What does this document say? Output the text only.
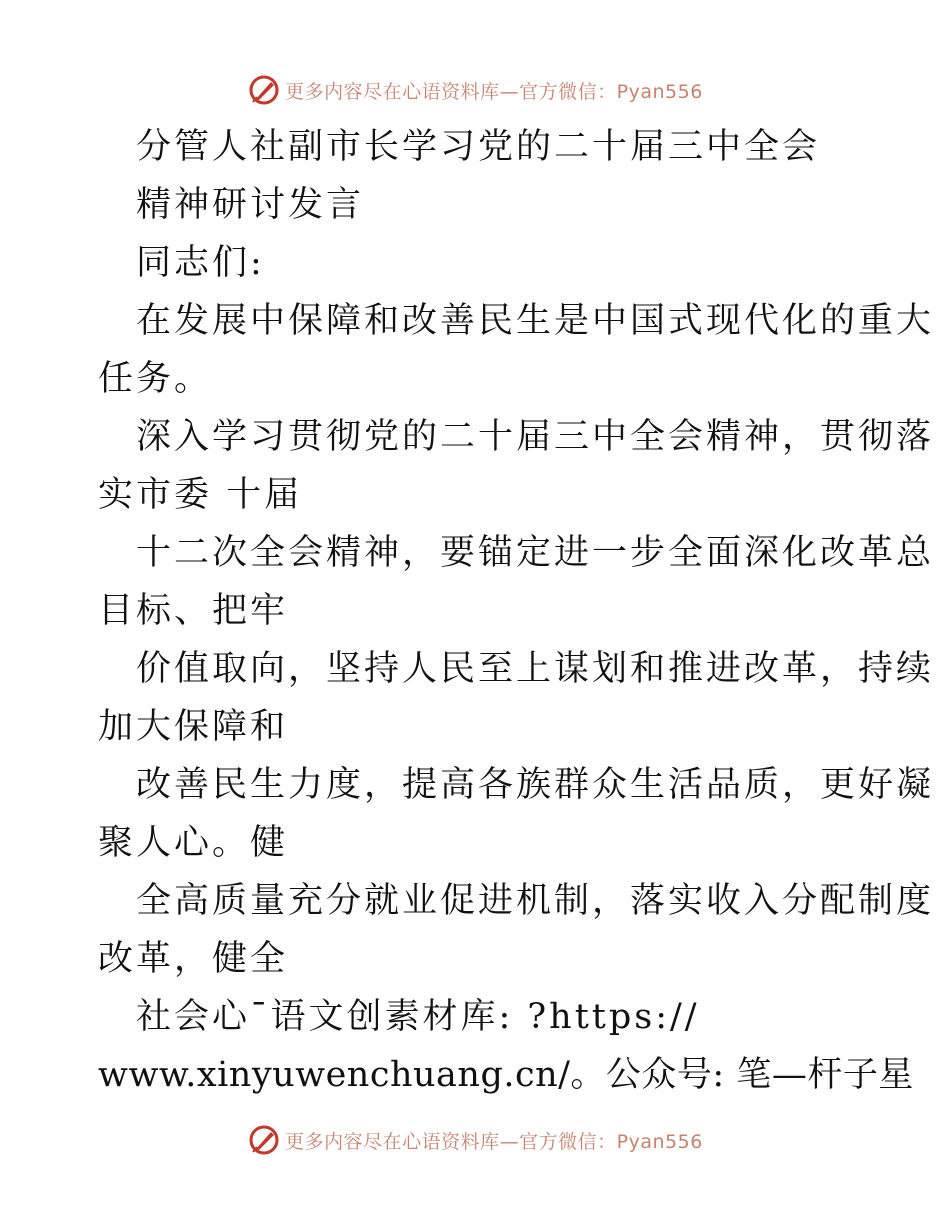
更多内容尽在心语资料库—官方微信：Pyan556
分管人社副市长学习党的二十届三中全会
精神研讨发言
同志们:
在发展中保障和改善民生是中国式现代化的重大
任务。
深入学习贯彻党的二十届三中全会精神，贯彻落
实市委 十届
十二次全会精神，要锚定进一步全面深化改革总
目标、把牢
价值取向，坚持人民至上谋划和推进改革，持续
加大保障和
改善民生力度，提高各族群众生活品质，更好凝
聚人心。健
全高质量充分就业促进机制，落实收入分配制度
改革，健全
社会心¯语文创素材库: ?https://
www.xinyuwenchuang.cn/。公众号: 笔—杆子星
更多内容尽在心语资料库—官方微信：Pyan556
